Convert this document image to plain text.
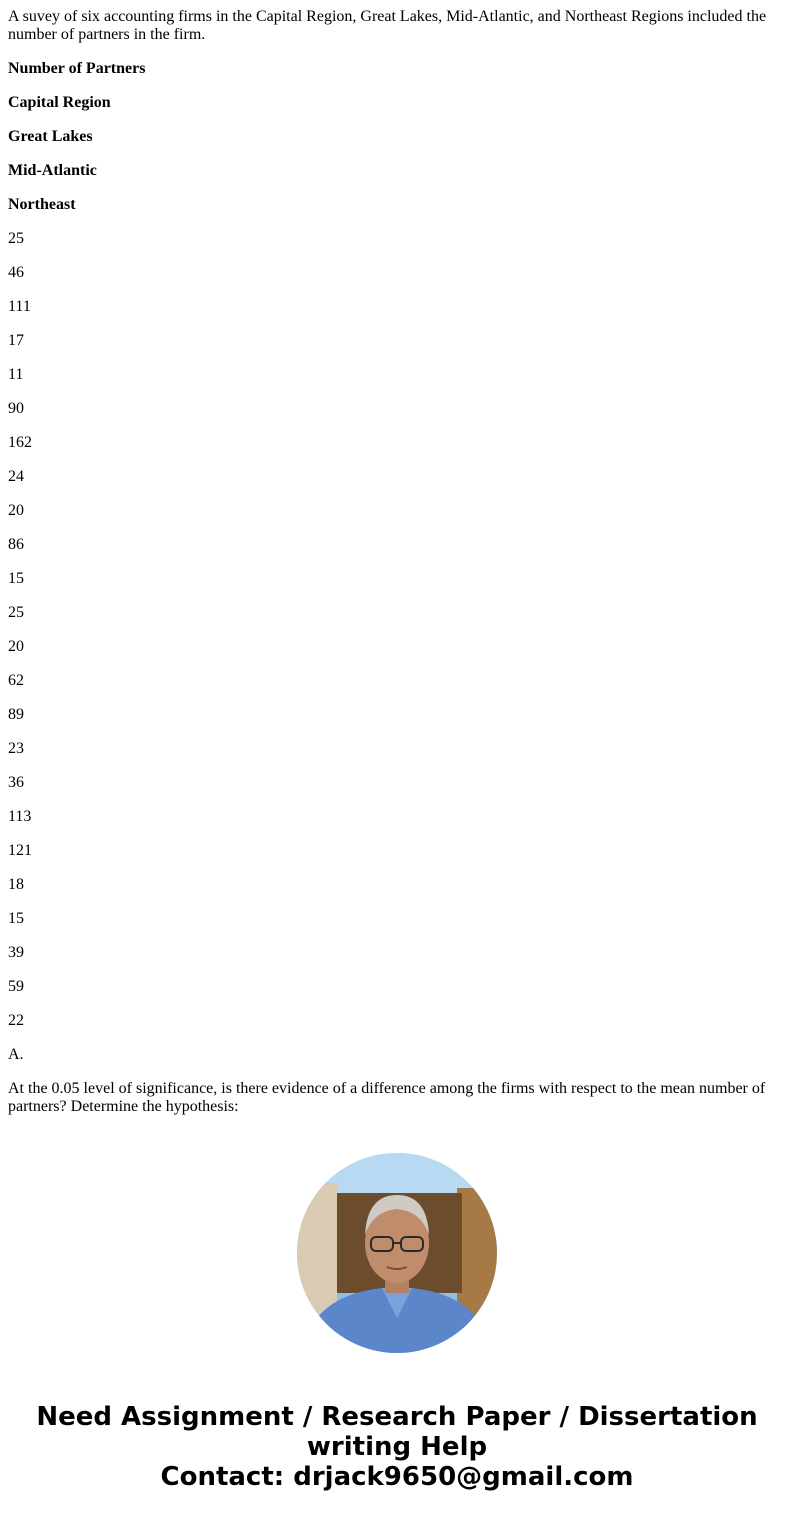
A suvey of six accounting firms in the Capital Region, Great Lakes, Mid-Atlantic, and Northeast Regions included the number of partners in the firm.

Number of Partners

Capital Region

Great Lakes

Mid-Atlantic

Northeast

25

46

111

17

11

90

162

24

20

86

15

25

20

62

89

23

36

113

121

18

15

39

59

22

A.

At the 0.05 level of significance, is there evidence of a difference among the firms with respect to the mean number of partners? Determine the hypothesis:

Need Assignment / Research Paper / Dissertation
writing Help
Contact: drjack9650@gmail.com
